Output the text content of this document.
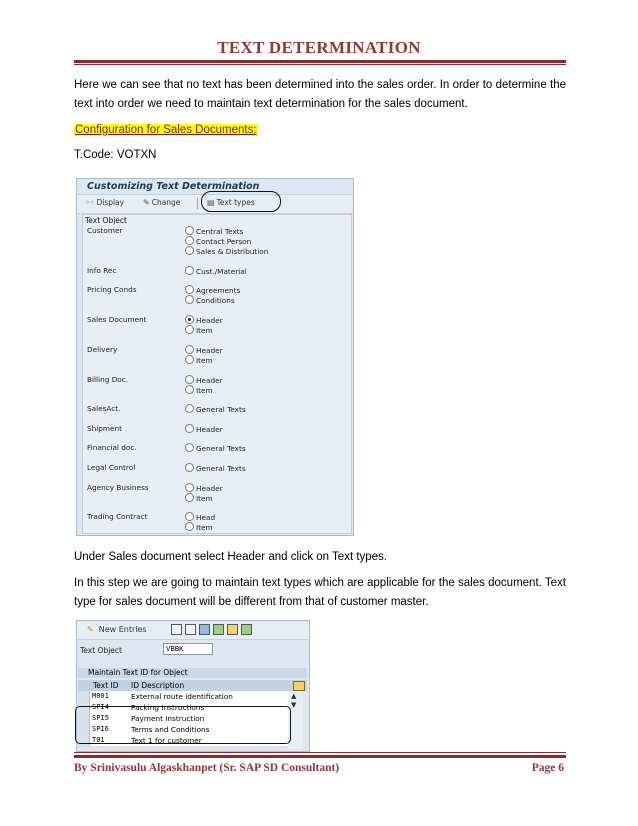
TEXT DETERMINATION
Here we can see that no text has been determined into the sales order. In order to determine the text into order we need to maintain text determination for the sales document.
Configuration for Sales Documents:
T.Code: VOTXN
Customizing Text Determination
◦◦ Display ✎ Change	▤ Text types
Text Object
Customer	Central Texts
Contact Person
Sales & Distribution
Info Rec	Cust./Material
Pricing Conds	Agreements
Conditions
Sales Document	Header
Item
Delivery	Header
Item
Billing Doc.	Header
Item
SalesAct.	General Texts
Shipment	Header
Financial doc.	General Texts
Legal Control	General Texts
Agency Business	Header
Item
Trading Contract	Head
Item
Under Sales document select Header and click on Text types.
In this step we are going to maintain text types which are applicable for the sales document. Text type for sales document will be different from that of customer master.
✎ New Entries
Text Object	VBBK
Maintain Text ID for Object
Text ID ID Description
M001	External route identification
SPI4	Packing Instructions
SPI5	Payment Instruction
SPI6	Terms and Conditions
T01	Text 1 for customer
▲
▼
By Srinivasulu Algaskhanpet (Sr. SAP SD Consultant)	Page 6
